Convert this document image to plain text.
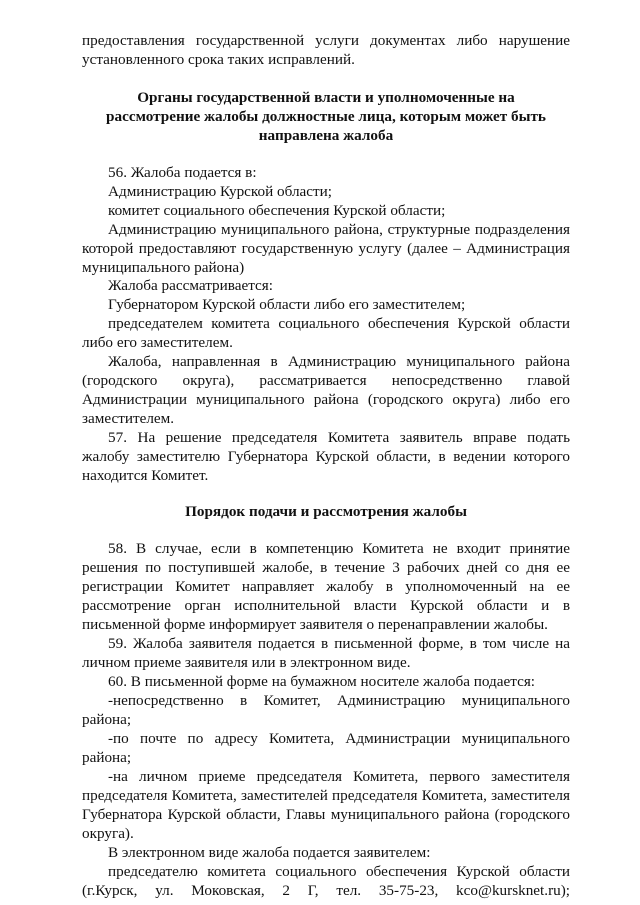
предоставления государственной услуги документах либо нарушение
установленного срока таких исправлений.
Органы государственной власти и уполномоченные на
рассмотрение жалобы должностные лица, которым может быть
направлена жалоба
56. Жалоба подается в:
Администрацию Курской области;
комитет социального обеспечения Курской области;
Администрацию муниципального района, структурные подразделения
которой предоставляют государственную услугу (далее – Администрация
муниципального района)
Жалоба рассматривается:
Губернатором Курской области либо его заместителем;
председателем комитета социального обеспечения Курской области
либо его заместителем.
Жалоба, направленная в Администрацию муниципального района
(городского округа), рассматривается непосредственно главой
Администрации муниципального района (городского округа) либо его
заместителем.
57. На решение председателя Комитета заявитель вправе подать
жалобу заместителю Губернатора Курской области, в ведении которого
находится Комитет.
Порядок подачи и рассмотрения жалобы
58. В случае, если в компетенцию Комитета не входит принятие
решения по поступившей жалобе, в течение 3 рабочих дней со дня ее
регистрации Комитет направляет жалобу в уполномоченный на ее
рассмотрение орган исполнительной власти Курской области и в
письменной форме информирует заявителя о перенаправлении жалобы.
59. Жалоба заявителя подается в письменной форме, в том числе на
личном приеме заявителя или в электронном виде.
60. В письменной форме на бумажном носителе жалоба подается:
-непосредственно в Комитет, Администрацию муниципального
района;
-по почте по адресу Комитета, Администрации муниципального
района;
-на личном приеме председателя Комитета, первого заместителя
председателя Комитета, заместителей председателя Комитета, заместителя
Губернатора Курской области, Главы муниципального района (городского
округа).
В электронном виде жалоба подается заявителем:
председателю комитета социального обеспечения Курской области
(г.Курск, ул. Моковская, 2 Г, тел. 35-75-23, kco@kursknet.ru);
